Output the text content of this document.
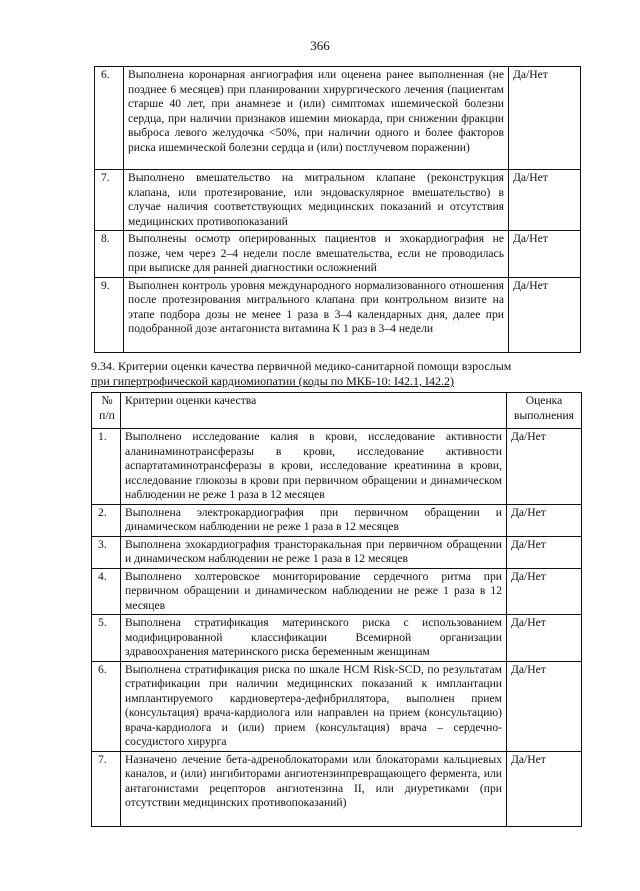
366
6.	Выполнена коронарная ангиография или оценена ранее выполненная (не позднее 6 месяцев) при планировании хирургического лечения (пациентам старше 40 лет, при анамнезе и (или) симптомах ишемической болезни сердца, при наличии признаков ишемии миокарда, при снижении фракции выброса левого желудочка <50%, при наличии одного и более факторов риска ишемической болезни сердца и (или) постлучевом поражении)	Да/Нет
7.	Выполнено вмешательство на митральном клапане (реконструкция клапана, или протезирование, или эндоваскулярное вмешательство) в случае наличия соответствующих медицинских показаний и отсутствия медицинских противопоказаний	Да/Нет
8.	Выполнены осмотр оперированных пациентов и эхокардиография не позже, чем через 2–4 недели после вмешательства, если не проводилась при выписке для ранней диагностики осложнений	Да/Нет
9.	Выполнен контроль уровня международного нормализованного отношения после протезирования митрального клапана при контрольном визите на этапе подбора дозы не менее 1 раза в 3–4 календарных дня, далее при подобранной дозе антагониста витамина К 1 раз в 3–4 недели	Да/Нет
9.34. Критерии оценки качества первичной медико-санитарной помощи взрослым
при гипертрофической кардиомиопатии (коды по МКБ-10: I42.1, I42.2)
№ п/п	Критерии оценки качества	Оценка выполнения
1.	Выполнено исследование калия в крови, исследование активности аланинаминотрансферазы в крови, исследование активности аспартатаминотрансферазы в крови, исследование креатинина в крови, исследование глюкозы в крови при первичном обращении и динамическом наблюдении не реже 1 раза в 12 месяцев	Да/Нет
2.	Выполнена электрокардиография при первичном обращении и динамическом наблюдении не реже 1 раза в 12 месяцев	Да/Нет
3.	Выполнена эхокардиография трансторакальная при первичном обращении и динамическом наблюдении не реже 1 раза в 12 месяцев	Да/Нет
4.	Выполнено холтеровское мониторирование сердечного ритма при первичном обращении и динамическом наблюдении не реже 1 раза в 12 месяцев	Да/Нет
5.	Выполнена стратификация материнского риска с использованием модифицированной классификации Всемирной организации здравоохранения материнского риска беременным женщинам	Да/Нет
6.	Выполнена стратификация риска по шкале HCM Risk-SCD, по результатам стратификации при наличии медицинских показаний к имплантации имплантируемого кардиовертера-дефибриллятора, выполнен прием (консультация) врача-кардиолога или направлен на прием (консультацию) врача-кардиолога и (или) прием (консультация) врача – сердечно-сосудистого хирурга	Да/Нет
7.	Назначено лечение бета-адреноблокаторами или блокаторами кальциевых каналов, и (или) ингибиторами ангиотензинпревращающего фермента, или антагонистами рецепторов ангиотензина II, или диуретиками (при отсутствии медицинских противопоказаний)	Да/Нет
